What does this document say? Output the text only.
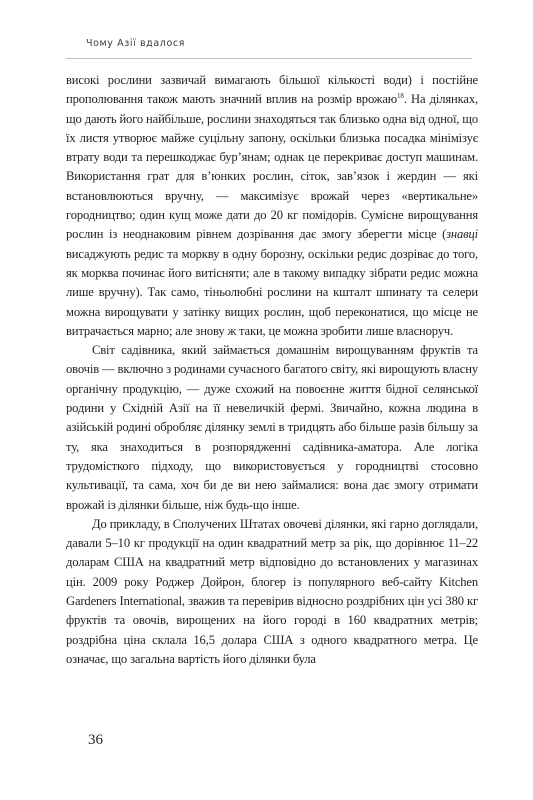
Чому Азії вдалося

високі рослини зазвичай вимагають більшої кількості води) і постійне прополювання також мають значний вплив на розмір врожаю$^{18}$. На ділянках, що дають його найбільше, рослини знаходяться так близько одна від одної, що їх листя утворює майже суцільну запону, оскільки близька посадка мінімізує втрату води та перешкоджає бур’янам; однак це перекриває доступ машинам. Використання грат для в’юнких рослин, сіток, зав’язок і жердин — які встановлюються вручну, — максимізує врожай через «вертикальне» городництво; один кущ може дати до 20 кг помідорів. Сумісне вирощування рослин із неоднаковим рівнем дозрівання дає змогу зберегти місце (знавці висаджують редис та моркву в одну борозну, оскільки редис дозріває до того, як морква починає його витісняти; але в такому випадку зібрати редис можна лише вручну). Так само, тіньолюбні рослини на кшталт шпинату та селери можна вирощувати у затінку вищих рослин, щоб переконатися, що місце не витрачається марно; але знову ж таки, це можна зробити лише власноруч.

Світ садівника, який займається домашнім вирощуванням фруктів та овочів — включно з родинами сучасного багатого світу, які вирощують власну органічну продукцію, — дуже схожий на повоєнне життя бідної селянської родини у Східній Азії на її невеличкій фермі. Звичайно, кожна людина в азійській родині обробляє ділянку землі в тридцять або більше разів більшу за ту, яка знаходиться в розпорядженні садівника-аматора. Але логіка трудомісткого підходу, що використовується у городництві стосовно культивації, та сама, хоч би де ви нею займалися: вона дає змогу отримати врожай із ділянки більше, ніж будь-що інше.

До прикладу, в Сполучених Штатах овочеві ділянки, які гарно доглядали, давали 5–10 кг продукції на один квадратний метр за рік, що дорівнює 11–22 доларам США на квадратний метр відповідно до встановлених у магазинах цін. 2009 року Роджер Дойрон, блогер із популярного веб-сайту Kitchen Gardeners International, зважив та перевірив відносно роздрібних цін усі 380 кг фруктів та овочів, вирощених на його городі в 160 квадратних метрів; роздрібна ціна склала 16,5 долара США з одного квадратного метра. Це означає, що загальна вартість його ділянки була

36
